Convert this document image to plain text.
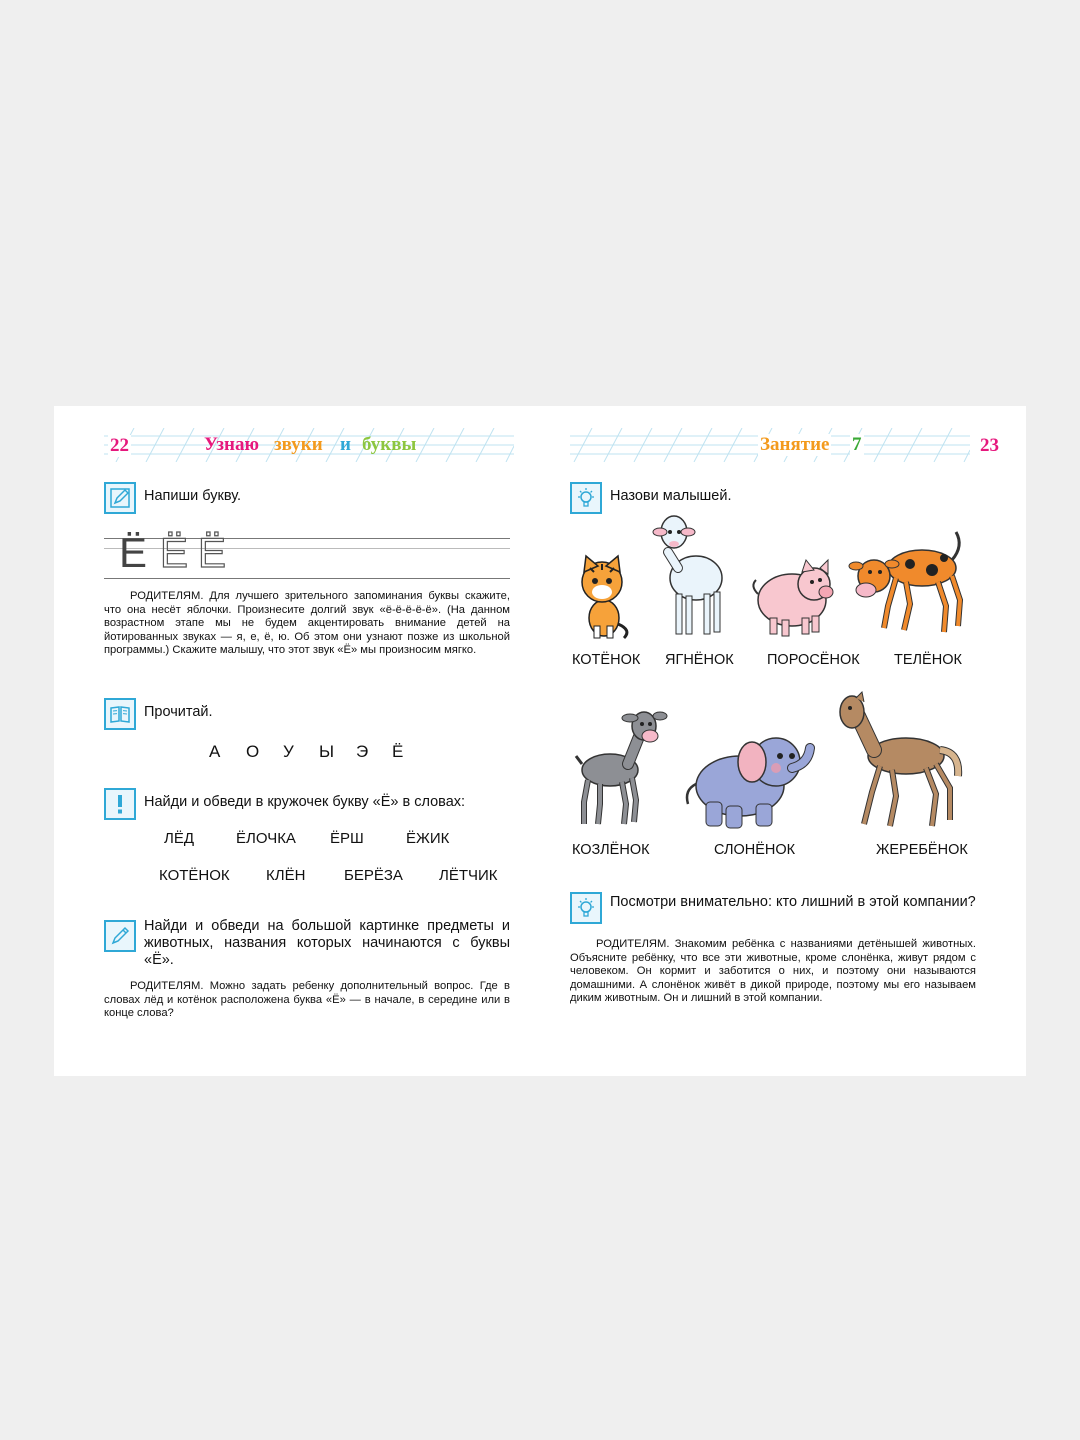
22	Узнаю звуки и буквы
Напиши букву.
Ё Ё Ё
РОДИТЕЛЯМ. Для лучшего зрительного запоминания буквы скажите, что она несёт яблочки. Произнесите долгий звук «ё-ё-ё-ё-ё». (На данном возрастном этапе мы не будем акцентировать внимание детей на йотированных звуках — я, е, ё, ю. Об этом они узнают позже из школьной программы.) Скажите малышу, что этот звук «Ё» мы произносим мягко.
Прочитай.
А О У Ы Э Ё
Найди и обведи в кружочек букву «Ё» в словах:
ЛЁД	ЁЛОЧКА ЁРШ	ЁЖИК
КОТЁНОК КЛЁН	БЕРЁЗА ЛЁТЧИК
Найди и обведи на большой картинке предметы и животных, названия которых начинаются с буквы «Ё».
РОДИТЕЛЯМ. Можно задать ребенку дополнительный вопрос. Где в словах лёд и котёнок расположена буква «Ё» — в начале, в середине или в конце слова?
Занятие 7	23
Назови малышей.
КОТЁНОК ЯГНЁНОК ПОРОСЁНОК ТЕЛЁНОК
КОЗЛЁНОК	СЛОНЁНОК	ЖЕРЕБЁНОК
Посмотри внимательно: кто лишний в этой компании?
РОДИТЕЛЯМ. Знакомим ребёнка с названиями детёнышей животных. Объясните ребёнку, что все эти животные, кроме слонёнка, живут рядом с человеком. Он кормит и заботится о них, и поэтому они называются домашними. А слонёнок живёт в дикой природе, поэтому мы его называем диким животным. Он и лишний в этой компании.
